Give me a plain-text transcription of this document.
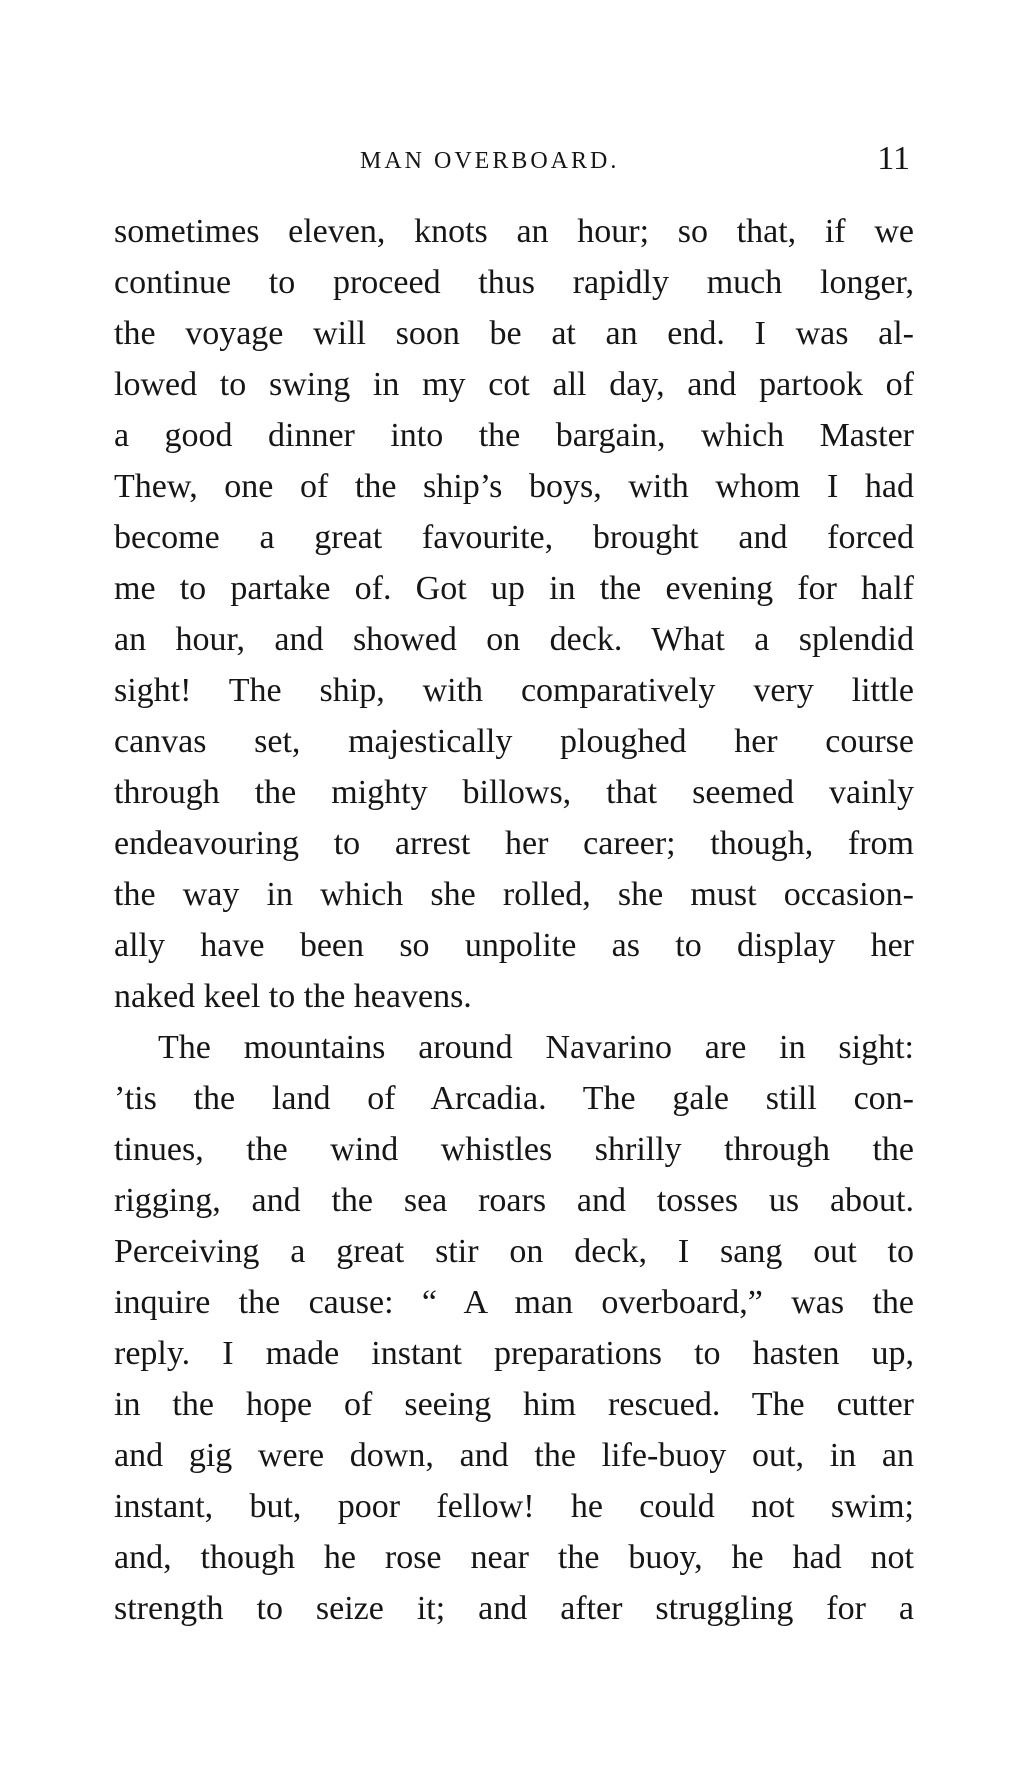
MAN OVERBOARD.	11
sometimes eleven, knots an hour; so that, if we
continue to proceed thus rapidly much longer,
the voyage will soon be at an end. I was al-
lowed to swing in my cot all day, and partook of
a good dinner into the bargain, which Master
Thew, one of the ship’s boys, with whom I had
become a great favourite, brought and forced
me to partake of. Got up in the evening for half
an hour, and showed on deck. What a splendid
sight! The ship, with comparatively very little
canvas set, majestically ploughed her course
through the mighty billows, that seemed vainly
endeavouring to arrest her career; though, from
the way in which she rolled, she must occasion-
ally have been so unpolite as to display her
naked keel to the heavens.
The mountains around Navarino are in sight:
’tis the land of Arcadia. The gale still con-
tinues, the wind whistles shrilly through the
rigging, and the sea roars and tosses us about.
Perceiving a great stir on deck, I sang out to
inquire the cause: “ A man overboard,” was the
reply. I made instant preparations to hasten up,
in the hope of seeing him rescued. The cutter
and gig were down, and the life-buoy out, in an
instant, but, poor fellow! he could not swim;
and, though he rose near the buoy, he had not
strength to seize it; and after struggling for a
